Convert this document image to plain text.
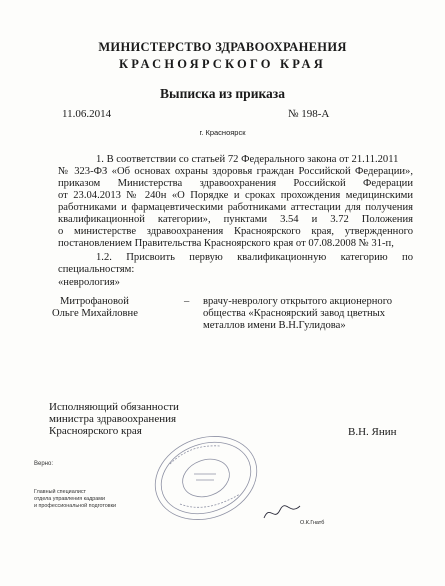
МИНИСТЕРСТВО ЗДРАВООХРАНЕНИЯ
КРАСНОЯРСКОГО КРАЯ
Выписка из приказа
11.06.2014	№ 198-А
г. Красноярск
1. В соответствии со статьей 72 Федерального закона от 21.11.2011
№ 323-ФЗ «Об основах охраны здоровья граждан Российской Федерации»,
приказом Министерства здравоохранения Российской Федерации
от 23.04.2013 № 240н «О Порядке и сроках прохождения медицинскими
работниками и фармацевтическими работниками аттестации для получения
квалификационной категории», пунктами 3.54 и 3.72 Положения
о министерстве здравоохранения Красноярского края, утвержденного
постановлением Правительства Красноярского края от 07.08.2008 № 31-п,
1.2. Присвоить первую квалификационную категорию по
специальностям:
«неврология»
Митрофановой
Ольге Михайловне
– врачу-неврологу открытого акционерного
общества «Красноярский завод цветных
металлов имени В.Н.Гулидова»
Исполняющий обязанности
министра здравоохранения
Красноярского края	В.Н. Янин
Верно:
Главный специалист
отдела управления кадрами
и профессиональной подготовки
О.К.Гнатб
